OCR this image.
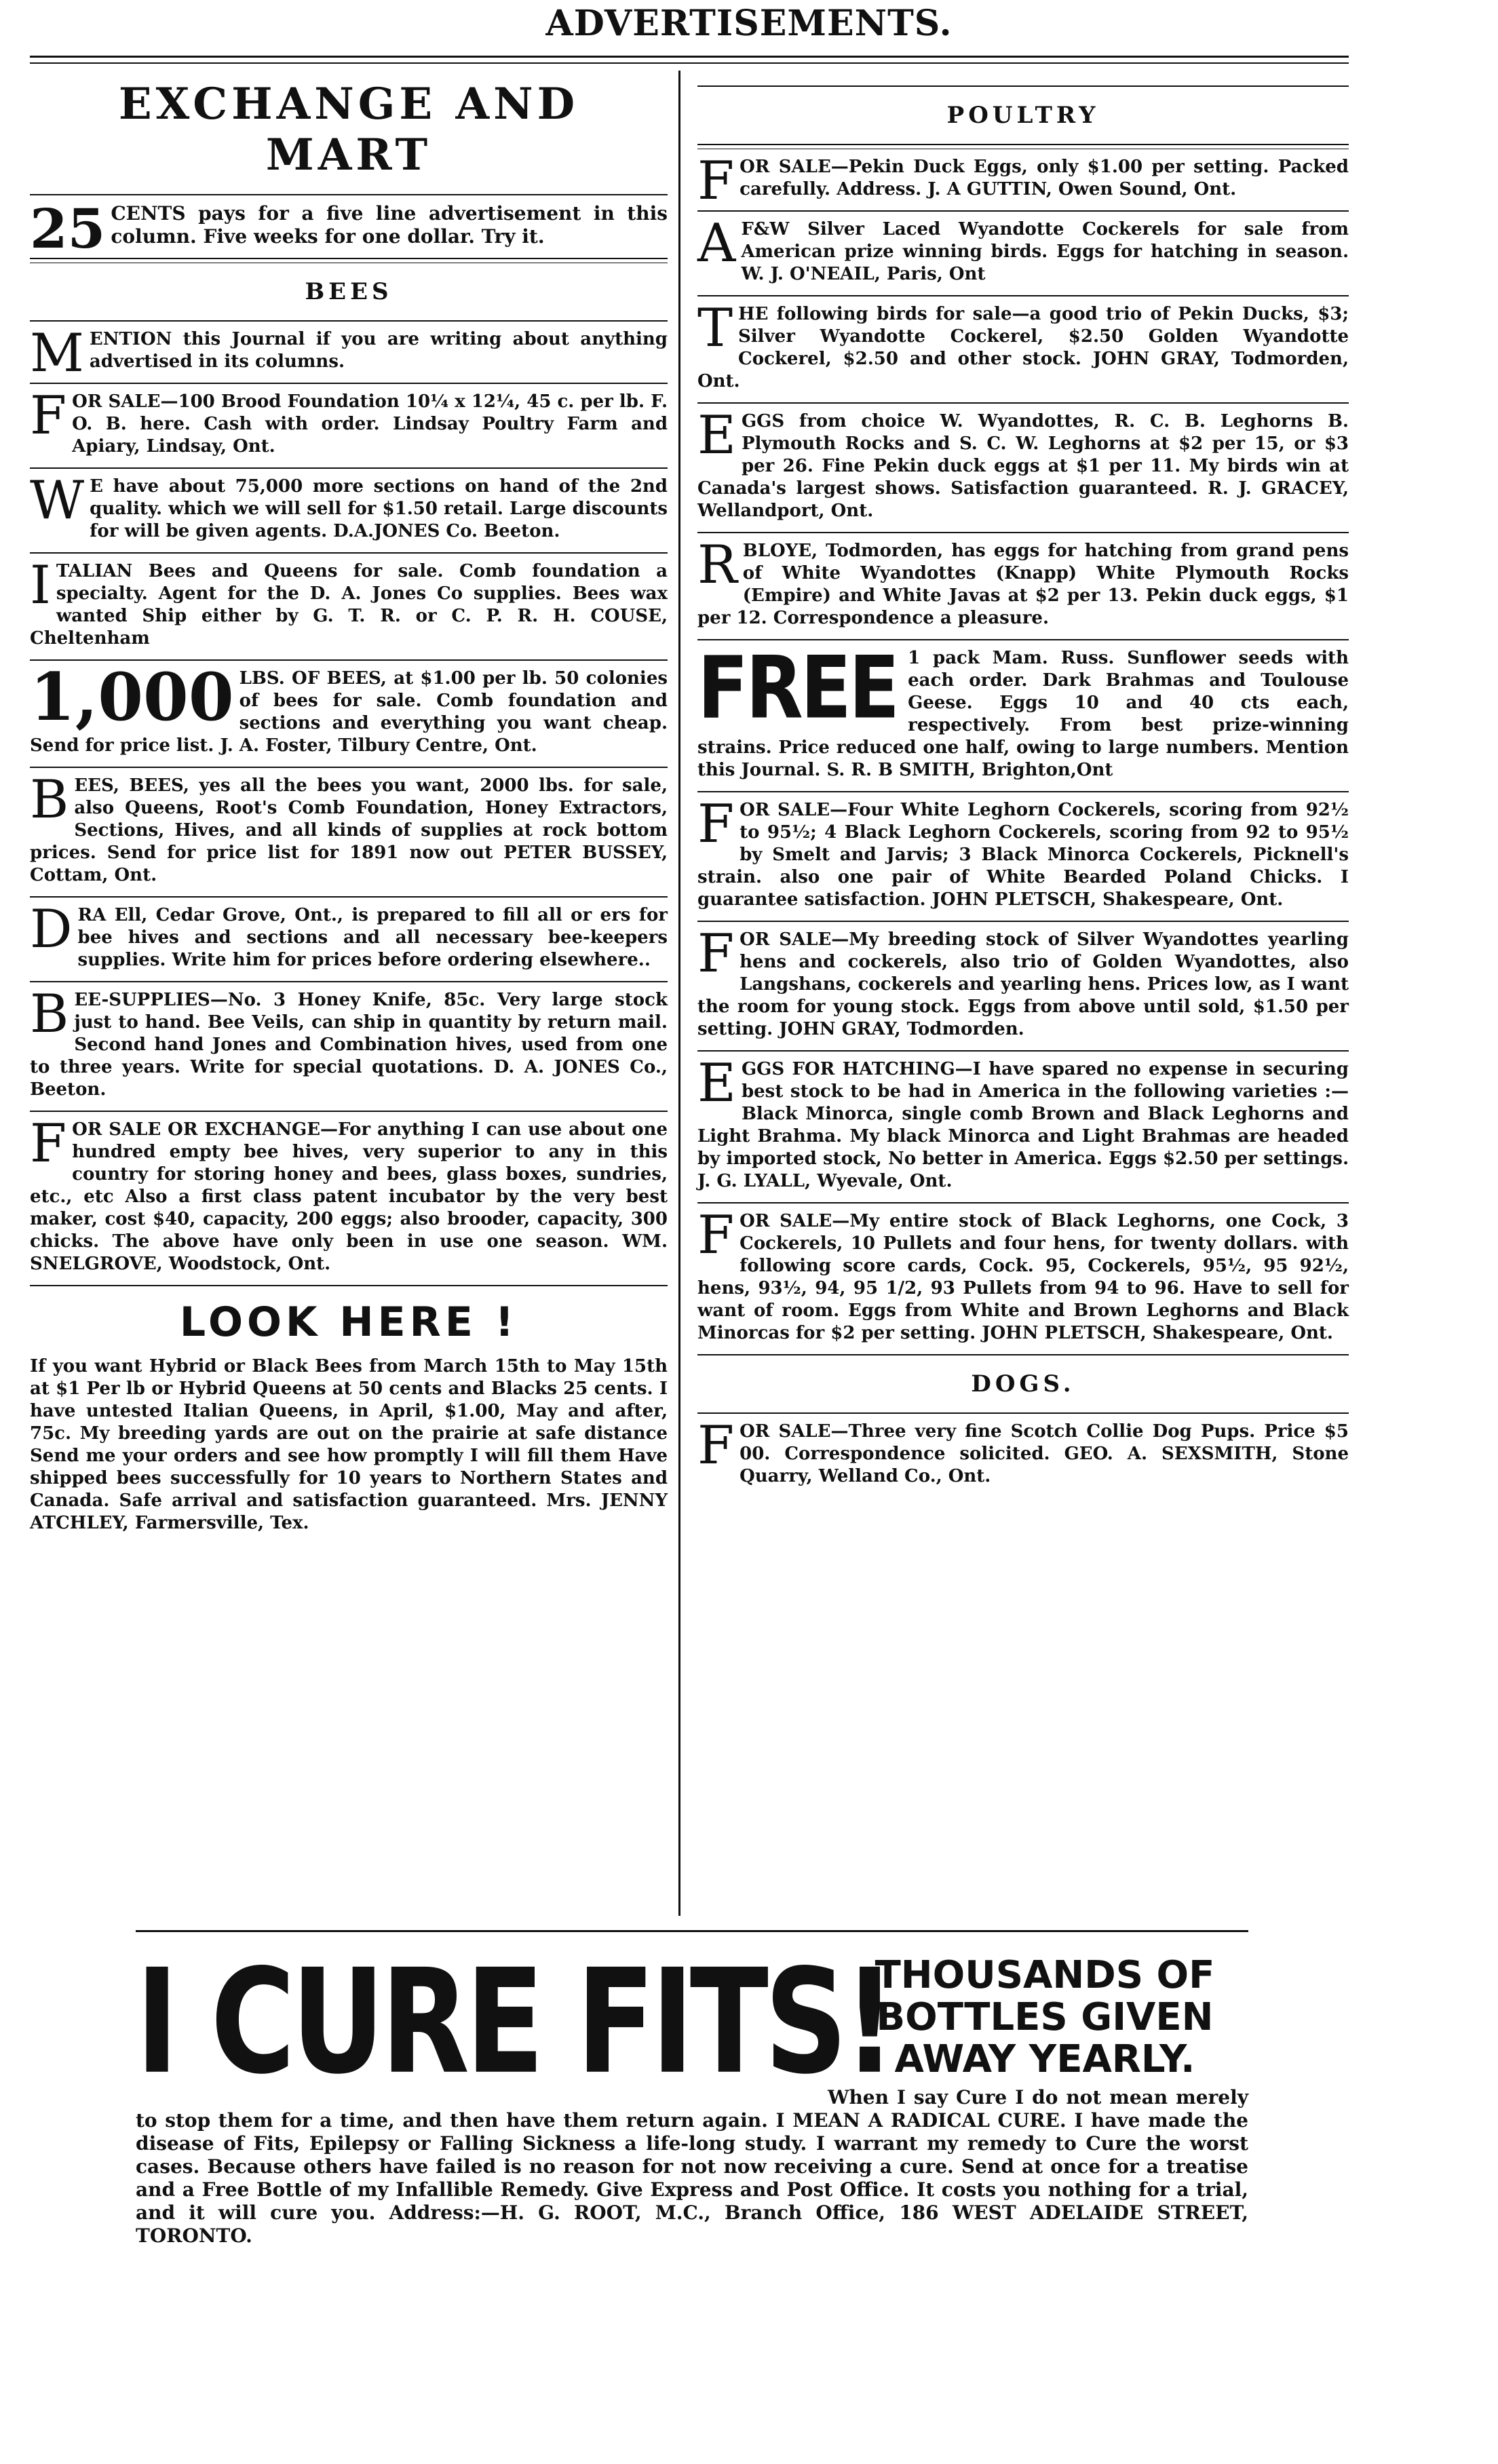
ADVERTISEMENTS.
EXCHANGE AND MART
25 CENTS pays for a five line advertisement in this column. Five weeks for one dollar. Try it.
BEES
M ENTION this Journal if you are writing about anything advertised in its columns.
F OR SALE—100 Brood Foundation 10¼ x 12¼, 45 c. per lb. F. O. B. here. Cash with order. Lindsay Poultry Farm and Apiary, Lindsay, Ont.
W E have about 75,000 more sections on hand of the 2nd quality. which we will sell for $1.50 retail. Large discounts for will be given agents. D.A.JONES Co. Beeton.
I TALIAN Bees and Queens for sale. Comb foundation a specialty. Agent for the D. A. Jones Co supplies. Bees wax wanted Ship either by G. T. R. or C. P. R. H. COUSE, Cheltenham
1,000 LBS. OF BEES, at $1.00 per lb. 50 colonies of bees for sale. Comb foundation and sections and everything you want cheap. Send for price list. J. A. Foster, Tilbury Centre, Ont.
B EES, BEES, yes all the bees you want, 2000 lbs. for sale, also Queens, Root's Comb Foundation, Honey Extractors, Sections, Hives, and all kinds of supplies at rock bottom prices. Send for price list for 1891 now out PETER BUSSEY, Cottam, Ont.
D RA Ell, Cedar Grove, Ont., is prepared to fill all or ers for bee hives and sections and all necessary bee-keepers supplies. Write him for prices before ordering elsewhere..
B EE-SUPPLIES—No. 3 Honey Knife, 85c. Very large stock just to hand. Bee Veils, can ship in quantity by return mail. Second hand Jones and Combination hives, used from one to three years. Write for special quotations. D. A. JONES Co., Beeton.
F OR SALE OR EXCHANGE—For anything I can use about one hundred empty bee hives, very superior to any in this country for storing honey and bees, glass boxes, sundries, etc., etc Also a first class patent incubator by the very best maker, cost $40, capacity, 200 eggs; also brooder, capacity, 300 chicks. The above have only been in use one season. WM. SNELGROVE, Woodstock, Ont.
LOOK HERE !
If you want Hybrid or Black Bees from March 15th to May 15th at $1 Per lb or Hybrid Queens at 50 cents and Blacks 25 cents. I have untested Italian Queens, in April, $1.00, May and after, 75c. My breeding yards are out on the prairie at safe distance Send me your orders and see how promptly I will fill them Have shipped bees successfully for 10 years to Northern States and Canada. Safe arrival and satisfaction guaranteed. Mrs. JENNY ATCHLEY, Farmersville, Tex.
POULTRY
F OR SALE—Pekin Duck Eggs, only $1.00 per setting. Packed carefully. Address. J. A GUTTIN, Owen Sound, Ont.
A F&W Silver Laced Wyandotte Cockerels for sale from American prize winning birds. Eggs for hatching in season. W. J. O'NEAIL, Paris, Ont
T HE following birds for sale—a good trio of Pekin Ducks, $3; Silver Wyandotte Cockerel, $2.50 Golden Wyandotte Cockerel, $2.50 and other stock. JOHN GRAY, Todmorden, Ont.
E GGS from choice W. Wyandottes, R. C. B. Leghorns B. Plymouth Rocks and S. C. W. Leghorns at $2 per 15, or $3 per 26. Fine Pekin duck eggs at $1 per 11. My birds win at Canada's largest shows. Satisfaction guaranteed. R. J. GRACEY, Wellandport, Ont.
R BLOYE, Todmorden, has eggs for hatching from grand pens of White Wyandottes (Knapp) White Plymouth Rocks (Empire) and White Javas at $2 per 13. Pekin duck eggs, $1 per 12. Correspondence a pleasure.
FREE 1 pack Mam. Russ. Sunflower seeds with each order. Dark Brahmas and Toulouse Geese. Eggs 10 and 40 cts each, respectively. From best prize-winning strains. Price reduced one half, owing to large numbers. Mention this Journal. S. R. B SMITH, Brighton,Ont
F OR SALE—Four White Leghorn Cockerels, scoring from 92½ to 95½; 4 Black Leghorn Cockerels, scoring from 92 to 95½ by Smelt and Jarvis; 3 Black Minorca Cockerels, Picknell's strain. also one pair of White Bearded Poland Chicks. I guarantee satisfaction. JOHN PLETSCH, Shakespeare, Ont.
F OR SALE—My breeding stock of Silver Wyandottes yearling hens and cockerels, also trio of Golden Wyandottes, also Langshans, cockerels and yearling hens. Prices low, as I want the room for young stock. Eggs from above until sold, $1.50 per setting. JOHN GRAY, Todmorden.
E GGS FOR HATCHING—I have spared no expense in securing best stock to be had in America in the following varieties :— Black Minorca, single comb Brown and Black Leghorns and Light Brahma. My black Minorca and Light Brahmas are headed by imported stock, No better in America. Eggs $2.50 per settings. J. G. LYALL, Wyevale, Ont.
F OR SALE—My entire stock of Black Leghorns, one Cock, 3 Cockerels, 10 Pullets and four hens, for twenty dollars. with following score cards, Cock. 95, Cockerels, 95½, 95 92½, hens, 93½, 94, 95 1/2, 93 Pullets from 94 to 96. Have to sell for want of room. Eggs from White and Brown Leghorns and Black Minorcas for $2 per setting. JOHN PLETSCH, Shakespeare, Ont.
DOGS.
F OR SALE—Three very fine Scotch Collie Dog Pups. Price $5 00. Correspondence solicited. GEO. A. SEXSMITH, Stone Quarry, Welland Co., Ont.
I CURE FITS!
THOUSANDS OF BOTTLES GIVEN AWAY YEARLY.
When I say Cure I do not mean merely to stop them for a time, and then have them return again. I MEAN A RADICAL CURE. I have made the disease of Fits, Epilepsy or Falling Sickness a life-long study. I warrant my remedy to Cure the worst cases. Because others have failed is no reason for not now receiving a cure. Send at once for a treatise and a Free Bottle of my Infallible Remedy. Give Express and Post Office. It costs you nothing for a trial, and it will cure you. Address:—H. G. ROOT, M.C., Branch Office, 186 WEST ADELAIDE STREET, TORONTO.
